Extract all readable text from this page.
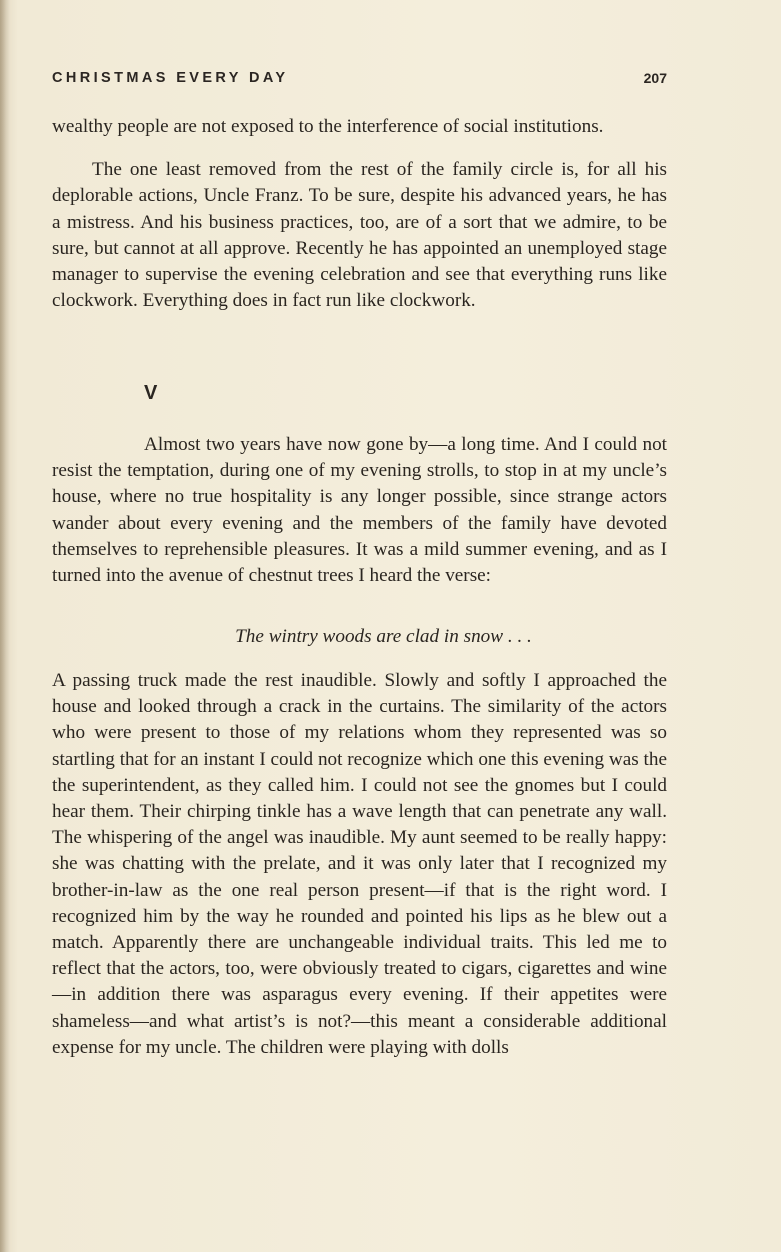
CHRISTMAS EVERY DAY	207

wealthy people are not exposed to the interference of social institutions.

The one least removed from the rest of the family circle is, for all his deplorable actions, Uncle Franz. To be sure, despite his advanced years, he has a mistress. And his business practices, too, are of a sort that we admire, to be sure, but cannot at all approve. Recently he has appointed an unemployed stage manager to supervise the evening celebration and see that everything runs like clockwork. Everything does in fact run like clockwork.

V

Almost two years have now gone by—a long time. And I could not resist the temptation, during one of my evening strolls, to stop in at my uncle’s house, where no true hospitality is any longer possible, since strange actors wander about every evening and the members of the family have devoted themselves to reprehensible pleasures. It was a mild summer evening, and as I turned into the avenue of chestnut trees I heard the verse:

The wintry woods are clad in snow . . .

A passing truck made the rest inaudible. Slowly and softly I approached the house and looked through a crack in the curtains. The similarity of the actors who were present to those of my relations whom they represented was so startling that for an instant I could not recognize which one this evening was the the superintendent, as they called him. I could not see the gnomes but I could hear them. Their chirping tinkle has a wave length that can penetrate any wall. The whispering of the angel was inaudible. My aunt seemed to be really happy: she was chatting with the prelate, and it was only later that I recognized my brother-in-law as the one real person present—if that is the right word. I recognized him by the way he rounded and pointed his lips as he blew out a match. Apparently there are unchangeable individual traits. This led me to reflect that the actors, too, were obviously treated to cigars, cigarettes and wine—in addition there was asparagus every evening. If their appetites were shameless—and what artist’s is not?—this meant a considerable additional expense for my uncle. The children were playing with dolls
